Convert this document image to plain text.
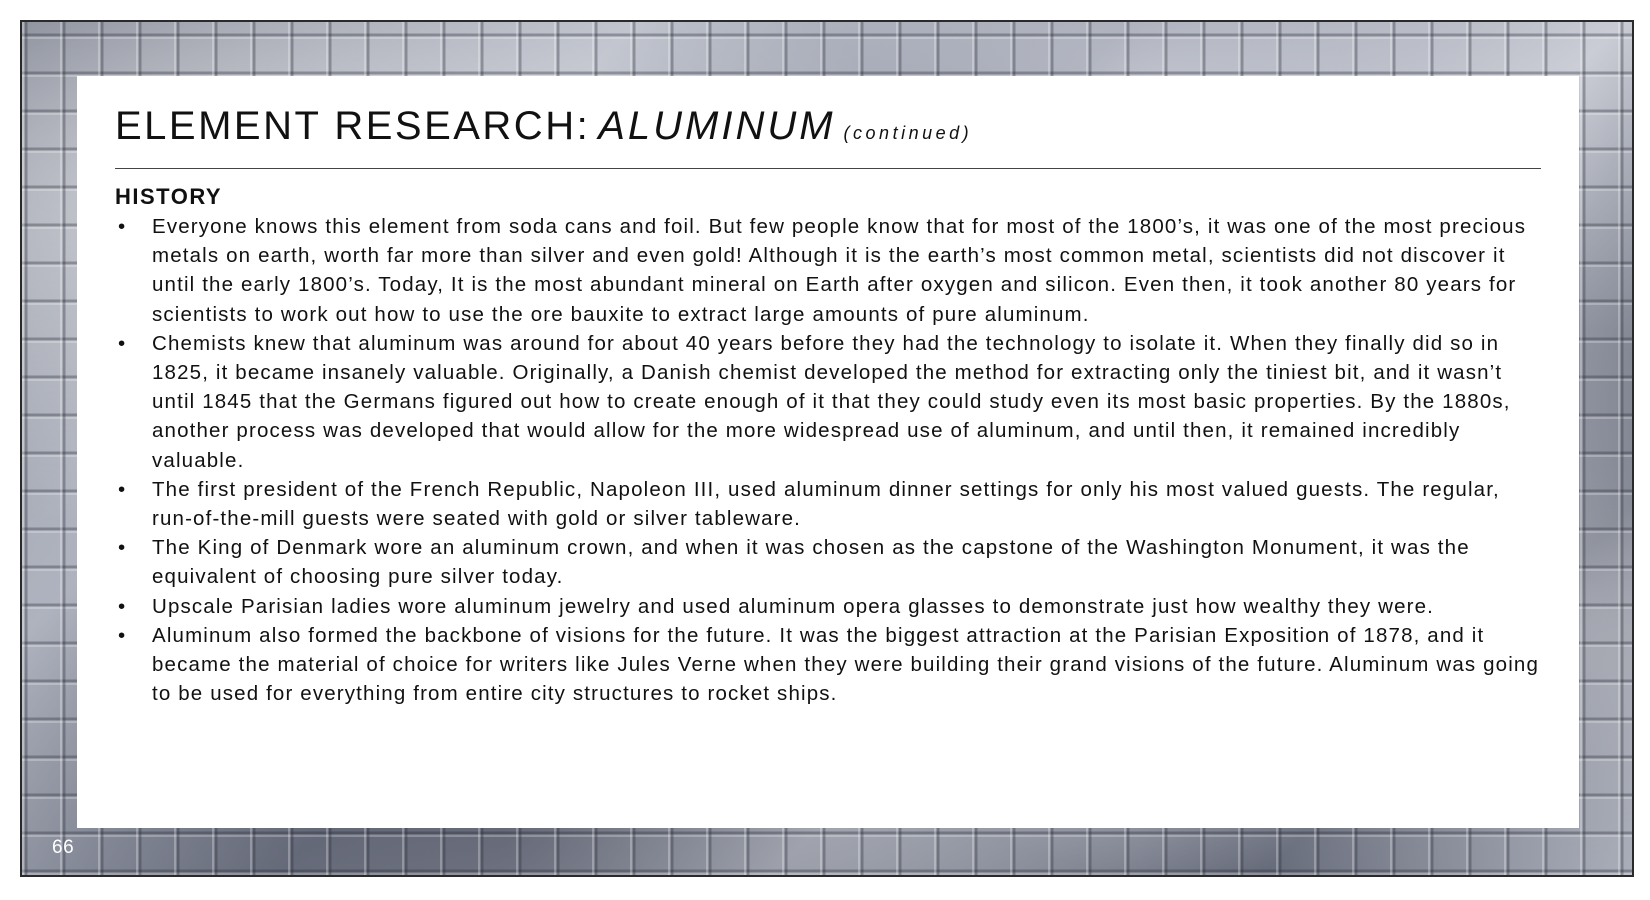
ELEMENT RESEARCH: ALUMINUM (continued)
HISTORY
• Everyone knows this element from soda cans and foil. But few people know that for most of the 1800’s, it was one of the most precious metals on earth, worth far more than silver and even gold! Although it is the earth’s most common metal, scientists did not discover it until the early 1800’s. Today, It is the most abundant mineral on Earth after oxygen and silicon. Even then, it took another 80 years for scientists to work out how to use the ore bauxite to extract large amounts of pure aluminum.
• Chemists knew that aluminum was around for about 40 years before they had the technology to isolate it. When they finally did so in 1825, it became insanely valuable. Originally, a Danish chemist developed the method for extracting only the tiniest bit, and it wasn’t until 1845 that the Germans figured out how to create enough of it that they could study even its most basic properties. By the 1880s, another process was developed that would allow for the more widespread use of aluminum, and until then, it remained incredibly valuable.
• The first president of the French Republic, Napoleon III, used aluminum dinner settings for only his most valued guests. The regular, run-of-the-mill guests were seated with gold or silver tableware.
• The King of Denmark wore an aluminum crown, and when it was chosen as the capstone of the Washington Monument, it was the equivalent of choosing pure silver today.
• Upscale Parisian ladies wore aluminum jewelry and used aluminum opera glasses to demonstrate just how wealthy they were.
• Aluminum also formed the backbone of visions for the future. It was the biggest attraction at the Parisian Exposition of 1878, and it became the material of choice for writers like Jules Verne when they were building their grand visions of the future. Aluminum was going to be used for everything from entire city structures to rocket ships.
66
